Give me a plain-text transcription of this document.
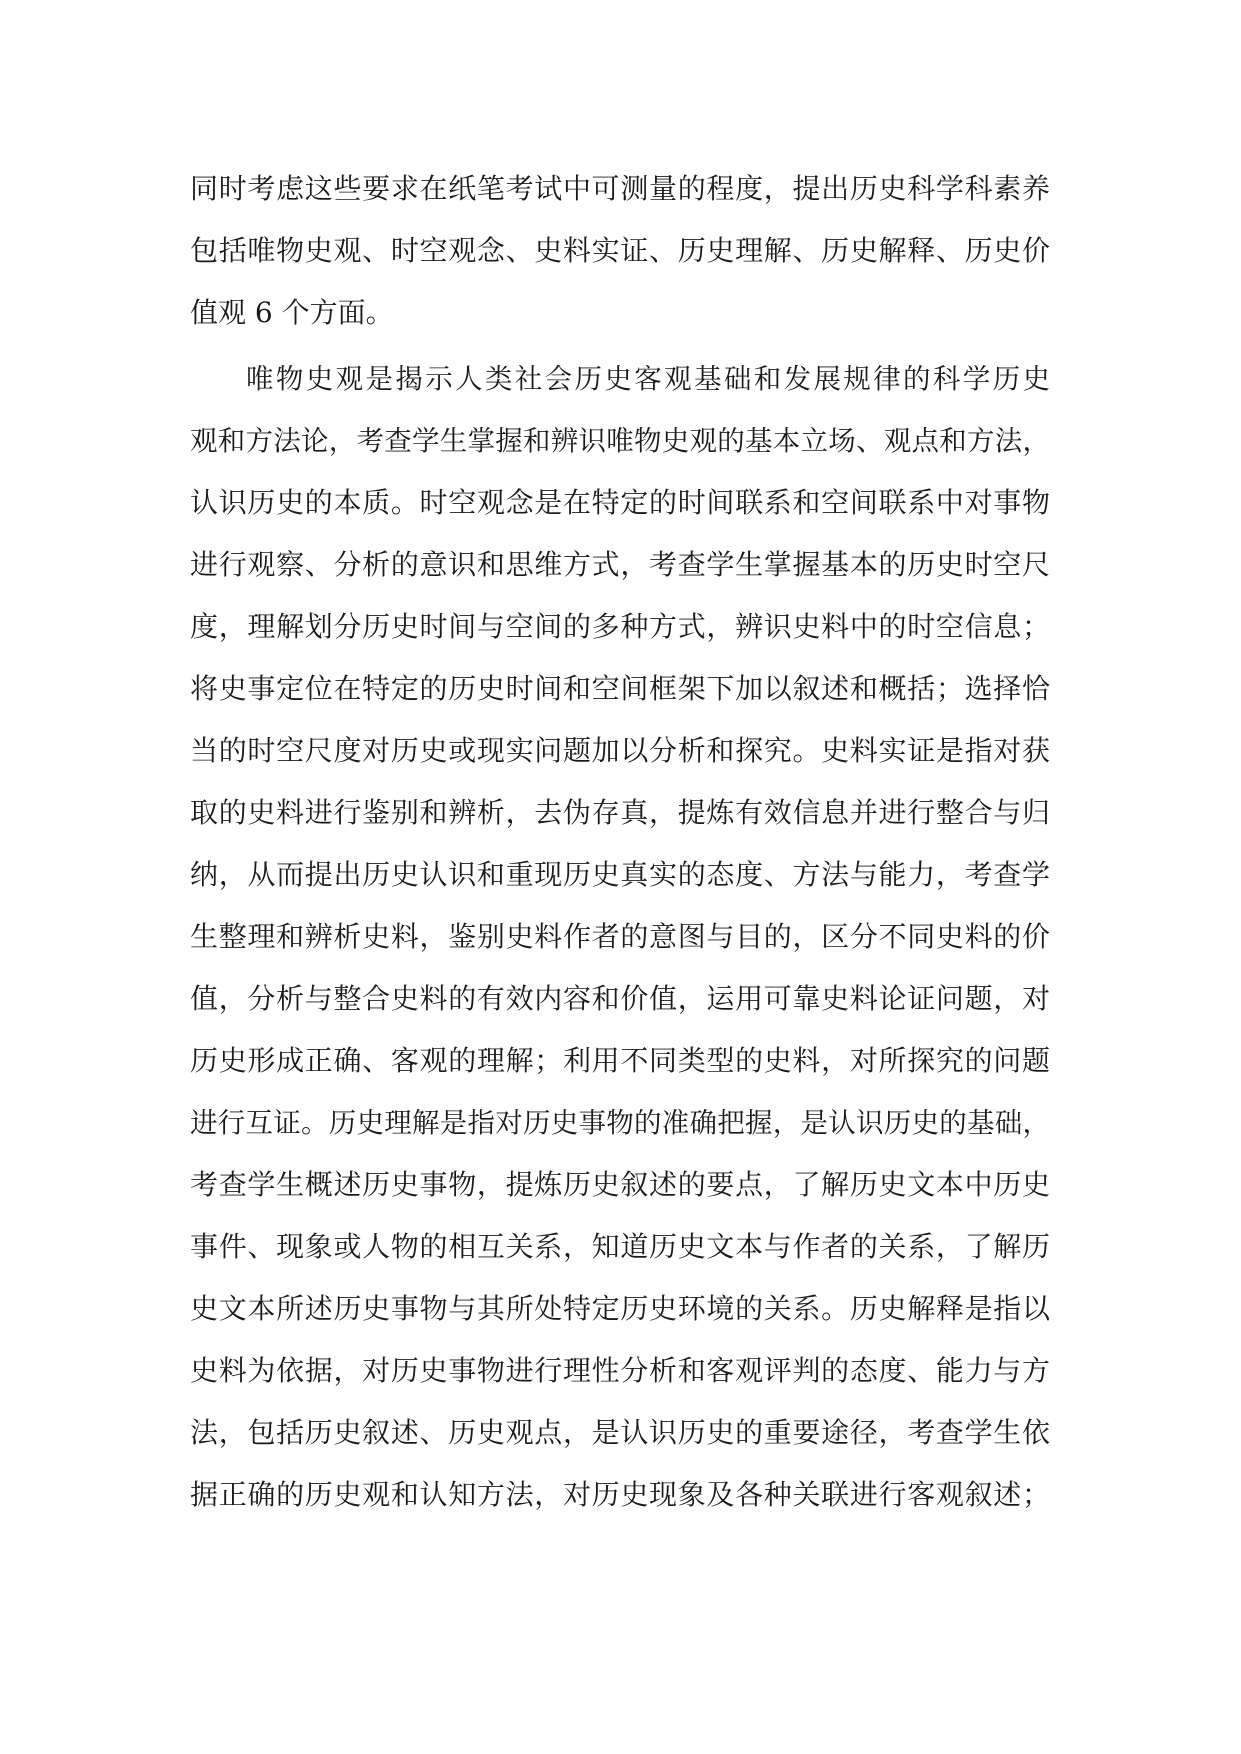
同时考虑这些要求在纸笔考试中可测量的程度，提出历史科学科素养
包括唯物史观、时空观念、史料实证、历史理解、历史解释、历史价
值观 6 个方面。
唯物史观是揭示人类社会历史客观基础和发展规律的科学历史
观和方法论，考查学生掌握和辨识唯物史观的基本立场、观点和方法，
认识历史的本质。时空观念是在特定的时间联系和空间联系中对事物
进行观察、分析的意识和思维方式，考查学生掌握基本的历史时空尺
度，理解划分历史时间与空间的多种方式，辨识史料中的时空信息；
将史事定位在特定的历史时间和空间框架下加以叙述和概括；选择恰
当的时空尺度对历史或现实问题加以分析和探究。史料实证是指对获
取的史料进行鉴别和辨析，去伪存真，提炼有效信息并进行整合与归
纳，从而提出历史认识和重现历史真实的态度、方法与能力，考查学
生整理和辨析史料，鉴别史料作者的意图与目的，区分不同史料的价
值，分析与整合史料的有效内容和价值，运用可靠史料论证问题，对
历史形成正确、客观的理解；利用不同类型的史料，对所探究的问题
进行互证。历史理解是指对历史事物的准确把握，是认识历史的基础，
考查学生概述历史事物，提炼历史叙述的要点，了解历史文本中历史
事件、现象或人物的相互关系，知道历史文本与作者的关系，了解历
史文本所述历史事物与其所处特定历史环境的关系。历史解释是指以
史料为依据，对历史事物进行理性分析和客观评判的态度、能力与方
法，包括历史叙述、历史观点，是认识历史的重要途径，考查学生依
据正确的历史观和认知方法，对历史现象及各种关联进行客观叙述；
